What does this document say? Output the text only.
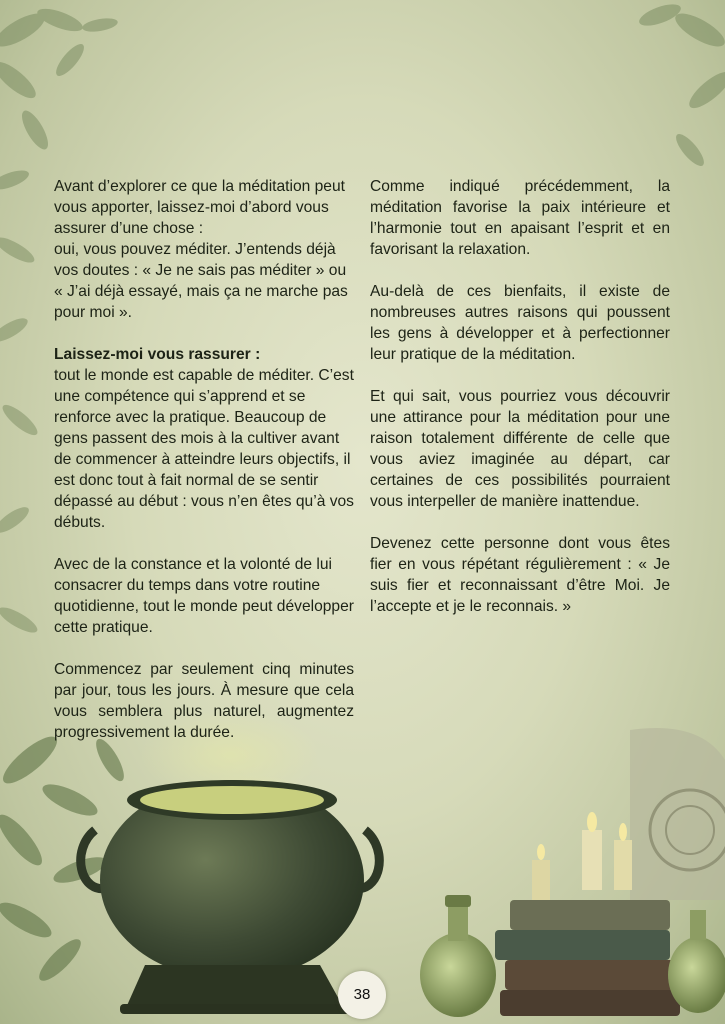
Avant d’explorer ce que la méditation peut vous apporter, laissez-moi d’abord vous assurer d’une chose :
oui, vous pouvez méditer. J’entends déjà vos doutes : « Je ne sais pas méditer » ou « J’ai déjà essayé, mais ça ne marche pas pour moi ».

Laissez-moi vous rassurer :
tout le monde est capable de méditer. C’est une compétence qui s’apprend et se renforce avec la pratique. Beaucoup de gens passent des mois à la cultiver avant de commencer à atteindre leurs objectifs, il est donc tout à fait normal de se sentir dépassé au début : vous n’en êtes qu’à vos débuts.

Avec de la constance et la volonté de lui consacrer du temps dans votre routine quotidienne, tout le monde peut développer cette pratique.

Commencez par seulement cinq minutes par jour, tous les jours. À mesure que cela vous semblera plus naturel, augmentez progressivement la durée.

Comme indiqué précédemment, la méditation favorise la paix intérieure et l’harmonie tout en apaisant l’esprit et en favorisant la relaxation.

Au-delà de ces bienfaits, il existe de nombreuses autres raisons qui poussent les gens à développer et à perfectionner leur pratique de la méditation.

Et qui sait, vous pourriez vous découvrir une attirance pour la méditation pour une raison totalement différente de celle que vous aviez imaginée au départ, car certaines de ces possibilités pourraient vous interpeller de manière inattendue.

Devenez cette personne dont vous êtes fier en vous répétant régulièrement : « Je suis fier et reconnaissant d’être Moi. Je l’accepte et je le reconnais. »

38
